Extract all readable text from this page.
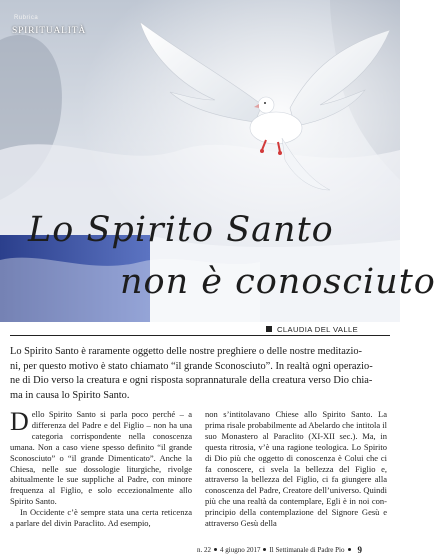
Rubrica
SPIRITUALITÀ
Lo Spirito Santo
non è conosciuto
CLAUDIA DEL VALLE
Lo Spirito Santo è raramente oggetto delle nostre preghiere o delle nostre meditazio-
ni, per questo motivo è stato chiamato “il grande Sconosciuto”. In realtà ogni operazio-
ne di Dio verso la creatura e ogni risposta soprannaturale della creatura verso Dio chia-
ma in causa lo Spirito Santo.

Dello Spirito Santo si parla poco perché – a differenza del Padre e del Figlio – non ha una categoria corrispondente nella conoscenza umana. Non a caso viene spesso definito “il grande Sconosciuto” o “il grande Dimenticato”. Anche la Chiesa, nelle sue dossologie liturgiche, rivolge abitualmente le sue suppliche al Padre, con minore frequenza al Figlio, e solo eccezionalmente allo Spirito Santo.

In Occidente c’è sempre stata una certa reticenza a parlare del divin Paraclito. Ad esempio,

non s’intitolavano Chiese allo Spirito Santo. La prima risale probabilmente ad Abelardo che intitola il suo Monastero al Paraclito (XI-XII sec.). Ma, in questa ritrosia, v’è una ragione teologica. Lo Spirito di Dio più che oggetto di conoscenza è Colui che ci fa conoscere, ci svela la bellezza del Figlio e, attraverso la bellezza del Figlio, ci fa giungere alla conoscenza del Padre, Creatore dell’universo. Quindi più che una realtà da contemplare, Egli è in noi con-principio della contemplazione del Signore Gesù e attraverso Gesù della

n. 22 4 giugno 2017 Il Settimanale di Padre Pio 9
